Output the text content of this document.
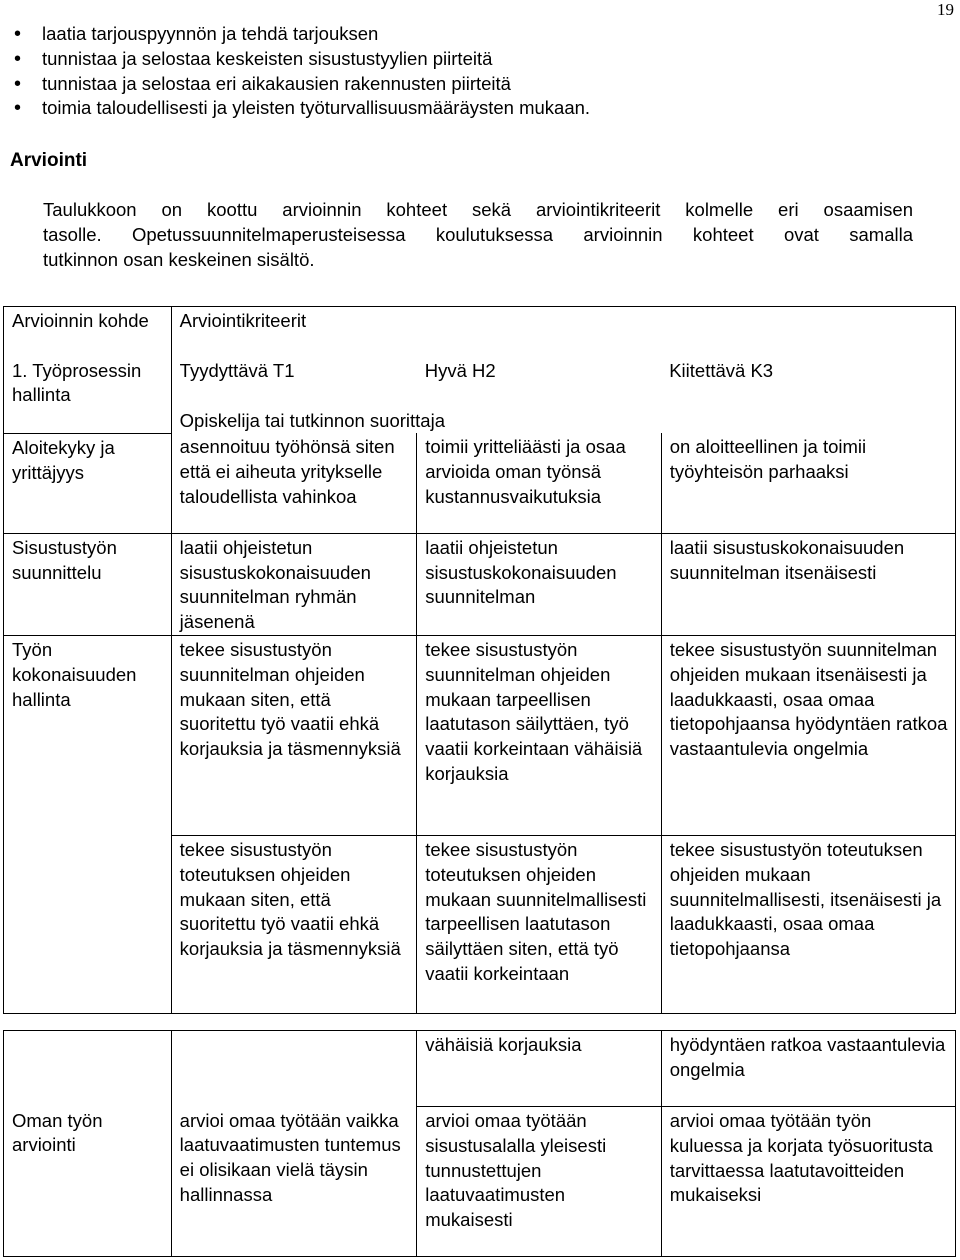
19
• laatia tarjouspyynnön ja tehdä tarjouksen
• tunnistaa ja selostaa keskeisten sisustustyylien piirteitä
• tunnistaa ja selostaa eri aikakausien rakennusten piirteitä
• toimia taloudellisesti ja yleisten työturvallisuusmääräysten mukaan.
Arviointi
Taulukkoon on koottu arvioinnin kohteet sekä arviointikriteerit kolmelle eri osaamisen
tasolle. Opetussuunnitelmaperusteisessa koulutuksessa arvioinnin kohteet ovat samalla
tutkinnon osan keskeinen sisältö.
Arvioinnin kohde	Arviointikriteerit		
1. Työprosessin hallinta	Tyydyttävä T1	Hyvä H2	Kiitettävä K3
	Opiskelija tai tutkinnon suorittaja		
Aloitekyky ja yrittäjyys	asennoituu työhönsä siten että ei aiheuta yritykselle taloudellista vahinkoa	toimii yritteliäästi ja osaa arvioida oman työnsä kustannusvaikutuksia	on aloitteellinen ja toimii työyhteisön parhaaksi
Sisustustyön suunnittelu	laatii ohjeistetun sisustuskokonaisuuden suunnitelman ryhmän jäsenenä	laatii ohjeistetun sisustuskokonaisuuden suunnitelman	laatii sisustuskokonaisuuden suunnitelman itsenäisesti
Työn kokonaisuuden hallinta	tekee sisustustyön suunnitelman ohjeiden mukaan siten, että suoritettu työ vaatii ehkä korjauksia ja täsmennyksiä	tekee sisustustyön suunnitelman ohjeiden mukaan tarpeellisen laatutason säilyttäen, työ vaatii korkeintaan vähäisiä korjauksia	tekee sisustustyön suunnitelman ohjeiden mukaan itsenäisesti ja laadukkaasti, osaa omaa tietopohjaansa hyödyntäen ratkoa vastaantulevia ongelmia
	tekee sisustustyön toteutuksen ohjeiden mukaan siten, että suoritettu työ vaatii ehkä korjauksia ja täsmennyksiä	tekee sisustustyön toteutuksen ohjeiden mukaan suunnitelmallisesti tarpeellisen laatutason säilyttäen siten, että työ vaatii korkeintaan	tekee sisustustyön toteutuksen ohjeiden mukaan suunnitelmallisesti, itsenäisesti ja laadukkaasti, osaa omaa tietopohjaansa
		vähäisiä korjauksia	hyödyntäen ratkoa vastaantulevia ongelmia
Oman työn arviointi	arvioi omaa työtään vaikka laatuvaatimusten tuntemus ei olisikaan vielä täysin hallinnassa	arvioi omaa työtään sisustusalalla yleisesti tunnustettujen laatuvaatimusten mukaisesti	arvioi omaa työtään työn kuluessa ja korjata työsuoritusta tarvittaessa laatutavoitteiden mukaiseksi
